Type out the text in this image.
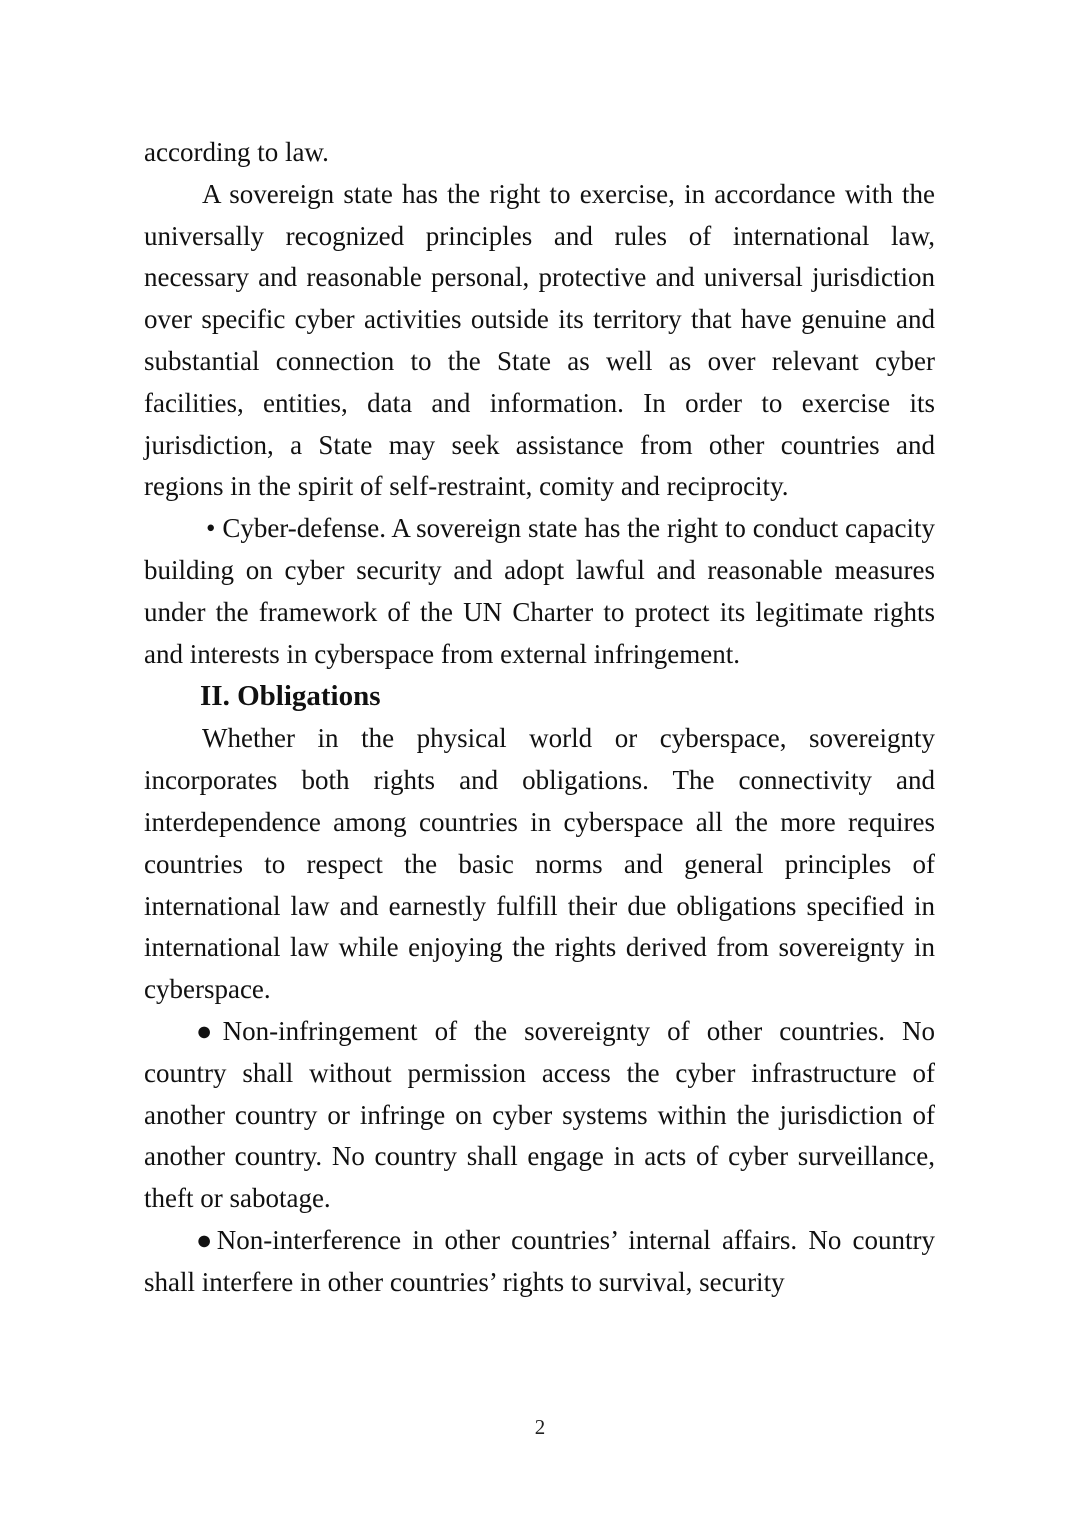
according to law.

A sovereign state has the right to exercise, in accordance with the universally recognized principles and rules of international law, necessary and reasonable personal, protective and universal jurisdiction over specific cyber activities outside its territory that have genuine and substantial connection to the State as well as over relevant cyber facilities, entities, data and information. In order to exercise its jurisdiction, a State may seek assistance from other countries and regions in the spirit of self-restraint, comity and reciprocity.

• Cyber-defense. A sovereign state has the right to conduct capacity building on cyber security and adopt lawful and reasonable measures under the framework of the UN Charter to protect its legitimate rights and interests in cyberspace from external infringement.

II. Obligations

Whether in the physical world or cyberspace, sovereignty incorporates both rights and obligations. The connectivity and interdependence among countries in cyberspace all the more requires countries to respect the basic norms and general principles of international law and earnestly fulfill their due obligations specified in international law while enjoying the rights derived from sovereignty in cyberspace.

●Non-infringement of the sovereignty of other countries. No country shall without permission access the cyber infrastructure of another country or infringe on cyber systems within the jurisdiction of another country. No country shall engage in acts of cyber surveillance, theft or sabotage.

●Non-interference in other countries’ internal affairs. No country shall interfere in other countries’ rights to survival, security

2
